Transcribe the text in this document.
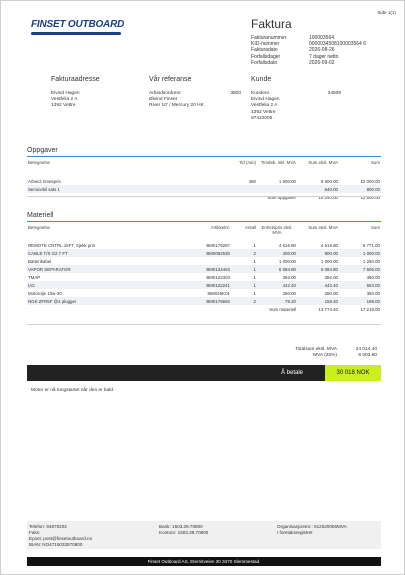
FINSET OUTBOARD
Side 1(1)
Faktura
Fakturanummer	100003564
KID-nummer	0000034508100003564 6
Fakturadato	2026-08-26
Forfallsdager	7 dager netto
Forfallsdato	2026-09-02
Fakturaadresse
Eivind Hagen
Vestfelia 2 A
1392 Vettre
Vår referanse
Arbeidsordrenr.	3800
Øivind Finset
River 10' / Mercury 20 HK
Kunde
Kundenr.	34508
Eivind Hagen
Vestfelia 2 A
1392 Vettre
97422005
Oppgaver
Betegnelse	Tid (min)	Timdeb. inkl. MVA	Sum eksl. MVA	Sum

Arbeid, timespris	480	1 500.00	9 600.00	12 000.00
Servicebil sats 1			640.00	800.00
		Sum oppgaver	10 240.00	12 800.00
Materiell
Betegnelse	Artikkelnr.	Antall	Enhetspris eksl. MVA	Sum eksl. MVA	Sum
REMOTE CNTRL 15FT, Sjekk pris	BM0176287	1	4 616.80	4 616.80	5 771.00
CABLE T/S G2 7 FT	BM0082530	2	400.00	800.00	1 000.00
Batterikabel		1	1 000.00	1 000.00	1 250.00
VAPOR SEPARATOR	BM0134463	1	6 084.80	6 084.80	7 606.00
TMAP	BM0122303	1	392.00	392.00	490.00
IAC	BM0122241	1	442.40	442.40	553.00
Motorolje 10w-30	858045K01	1	280.00	280.00	350.00
NGK ZFR5F @4 plugger	BM0176692	2	79.20	158.40	198.00
			Sum materiell	13 774.40	17 218.00
Totalsum eksl. MVA	24 014.40
MVA (25%)	6 003.60
Å betale	30 018 NOK
Motor er nå tungstartet når den er kald.
Telefon: 94870202
Faks:
Epost: post@finsetoutboard.no
IBAN: NO4715033970800
Bank: 1503.39.70800
Kontonr: 1503.39.70800
Organisasjonsnr.: 912520056MVA
I foretaksregistret
Finset Outboard AS, Eternitveien 30 3470 Slemmestad.
